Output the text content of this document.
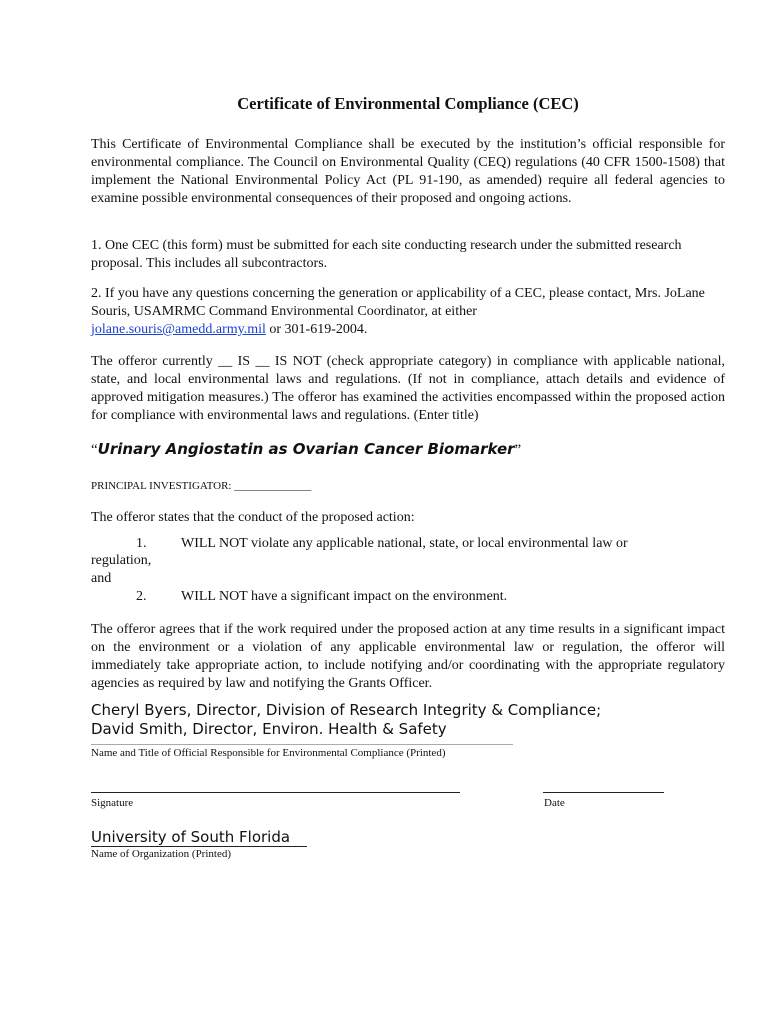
Certificate of Environmental Compliance (CEC)
This Certificate of Environmental Compliance shall be executed by the institution’s official responsible for environmental compliance. The Council on Environmental Quality (CEQ) regulations (40 CFR 1500-1508) that implement the National Environmental Policy Act (PL 91-190, as amended) require all federal agencies to examine possible environmental consequences of their proposed and ongoing actions.
1. One CEC (this form) must be submitted for each site conducting research under the submitted research proposal. This includes all subcontractors.
2. If you have any questions concerning the generation or applicability of a CEC, please contact, Mrs. JoLane Souris, USAMRMC Command Environmental Coordinator, at either
jolane.souris@amedd.army.mil or 301-619-2004.
The offeror currently __ IS __ IS NOT (check appropriate category) in compliance with applicable national, state, and local environmental laws and regulations. (If not in compliance, attach details and evidence of approved mitigation measures.) The offeror has examined the activities encompassed within the proposed action for compliance with environmental laws and regulations. (Enter title)
“Urinary Angiostatin as Ovarian Cancer Biomarker”
PRINCIPAL INVESTIGATOR: ______________
The offeror states that the conduct of the proposed action:
1. WILL NOT violate any applicable national, state, or local environmental law or
regulation,
and
2. WILL NOT have a significant impact on the environment.
The offeror agrees that if the work required under the proposed action at any time results in a significant impact on the environment or a violation of any applicable environmental law or regulation, the offeror will immediately take appropriate action, to include notifying and/or coordinating with the appropriate regulatory agencies as required by law and notifying the Grants Officer.
Cheryl Byers, Director, Division of Research Integrity & Compliance;
David Smith, Director, Environ. Health & Safety
Name and Title of Official Responsible for Environmental Compliance (Printed)
Signature	Date
University of South Florida
Name of Organization (Printed)
